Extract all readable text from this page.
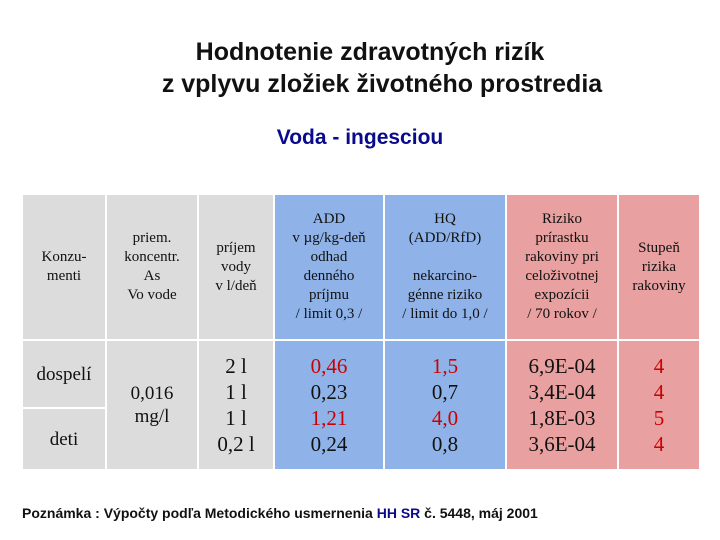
Hodnotenie zdravotných rizík
z vplyvu zložiek životného prostredia
Voda - ingesciou
Konzu-
menti
priem.
koncentr.
As
Vo vode
príjem
vody
v l/deň
ADD
v µg/kg-deň
odhad
denného
príjmu
/ limit 0,3 /
HQ
(ADD/RfD)

nekarcino-
génne riziko
/ limit do 1,0 /
Riziko
prírastku
rakoviny pri
celoživotnej
expozícii
/ 70 rokov /
Stupeň
rizika
rakoviny
dospelí
deti
0,016
mg/l
2 l
1 l
1 l
0,2 l
0,46
0,23
1,21
0,24
1,5
0,7
4,0
0,8
6,9E-04
3,4E-04
1,8E-03
3,6E-04
4
4
5
4
Poznámka : Výpočty podľa Metodického usmernenia HH SR č. 5448, máj 2001
